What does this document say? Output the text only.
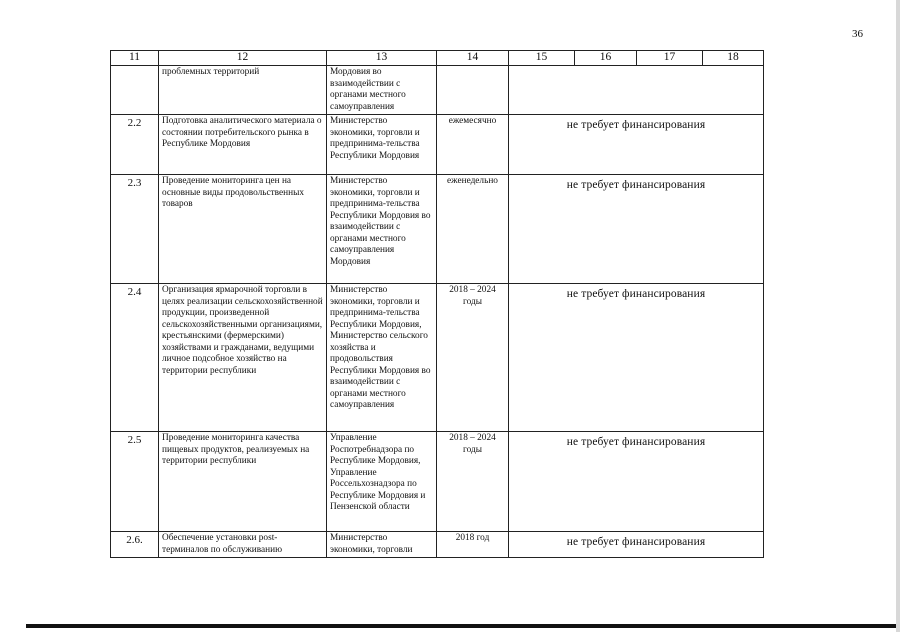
36
11	12	13	14	15	16	17	18
	проблемных территорий	Мордовия во взаимодействии с органами местного самоуправления					
2.2	Подготовка аналитического материала о состоянии потребительского рынка в Республике Мордовия	Министерство экономики, торговли и предпринима-тельства Республики Мордовия	ежемесячно	не требует финансирования			
2.3	Проведение мониторинга цен на основные виды продовольственных товаров	Министерство экономики, торговли и предпринима-тельства Республики Мордовия во взаимодействии с органами местного самоуправления Мордовия	еженедельно	не требует финансирования			
2.4	Организация ярмарочной торговли в целях реализации сельскохозяйственной продукции, произведенной сельскохозяйственными организациями, крестьянскими (фермерскими) хозяйствами и гражданами, ведущими личное подсобное хозяйство на территории республики	Министерство экономики, торговли и предпринима-тельства Республики Мордовия, Министерство сельского хозяйства и продовольствия Республики Мордовия во взаимодействии с органами местного самоуправления	2018 – 2024 годы	не требует финансирования			
2.5	Проведение мониторинга качества пищевых продуктов, реализуемых на территории республики	Управление Роспотребнадзора по Республике Мордовия, Управление Россельхознадзора по Республике Мордовия и Пензенской области	2018 – 2024 годы	не требует финансирования			
2.6.	Обеспечение установки post-терминалов по обслуживанию	Министерство экономики, торговли	2018 год	не требует финансирования			
